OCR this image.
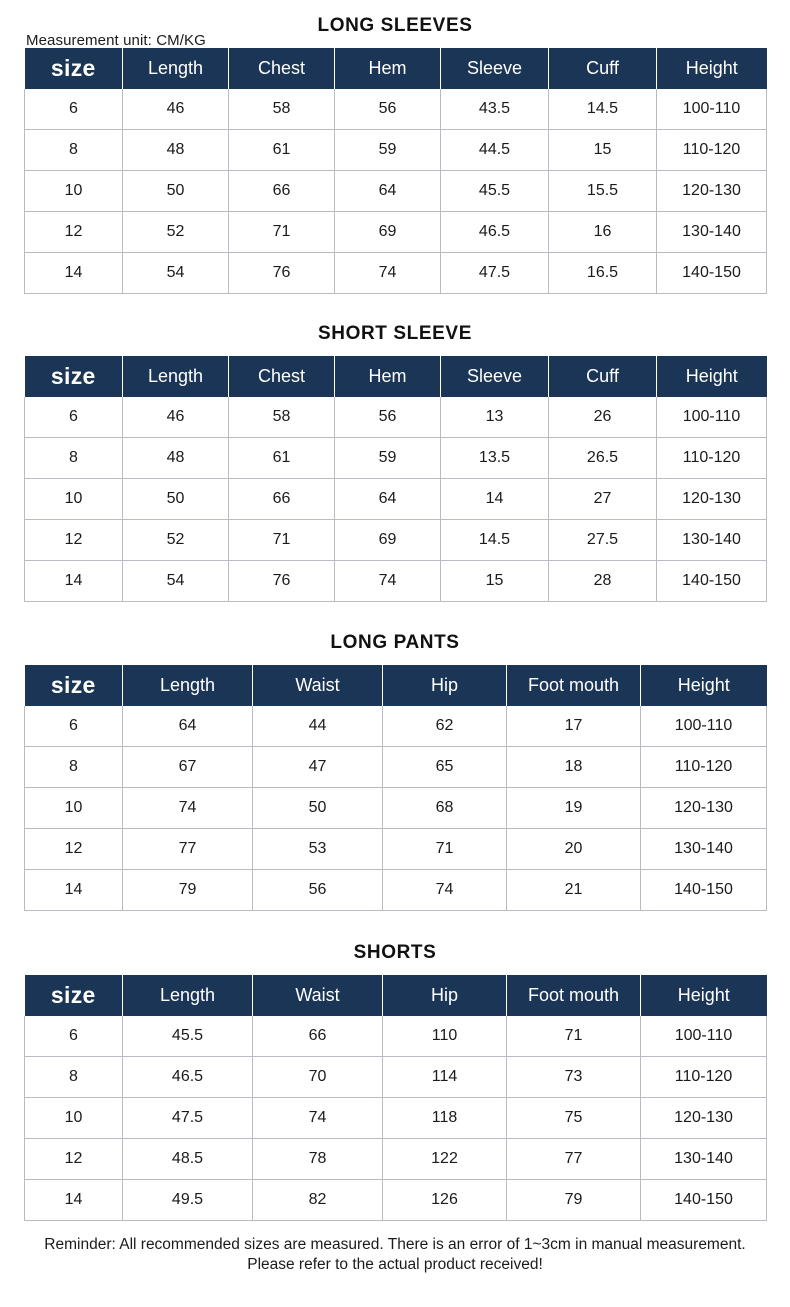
Measurement unit: CM/KG
LONG SLEEVES
size	Length	Chest	Hem	Sleeve	Cuff	Height
6	46	58	56	43.5	14.5	100-110
8	48	61	59	44.5	15	110-120
10	50	66	64	45.5	15.5	120-130
12	52	71	69	46.5	16	130-140
14	54	76	74	47.5	16.5	140-150
SHORT SLEEVE
size	Length	Chest	Hem	Sleeve	Cuff	Height
6	46	58	56	13	26	100-110
8	48	61	59	13.5	26.5	110-120
10	50	66	64	14	27	120-130
12	52	71	69	14.5	27.5	130-140
14	54	76	74	15	28	140-150
LONG PANTS
size	Length	Waist	Hip	Foot mouth	Height
6	64	44	62	17	100-110
8	67	47	65	18	110-120
10	74	50	68	19	120-130
12	77	53	71	20	130-140
14	79	56	74	21	140-150
SHORTS
size	Length	Waist	Hip	Foot mouth	Height
6	45.5	66	110	71	100-110
8	46.5	70	114	73	110-120
10	47.5	74	118	75	120-130
12	48.5	78	122	77	130-140
14	49.5	82	126	79	140-150
Reminder: All recommended sizes are measured. There is an error of 1~3cm in manual measurement. Please refer to the actual product received!
